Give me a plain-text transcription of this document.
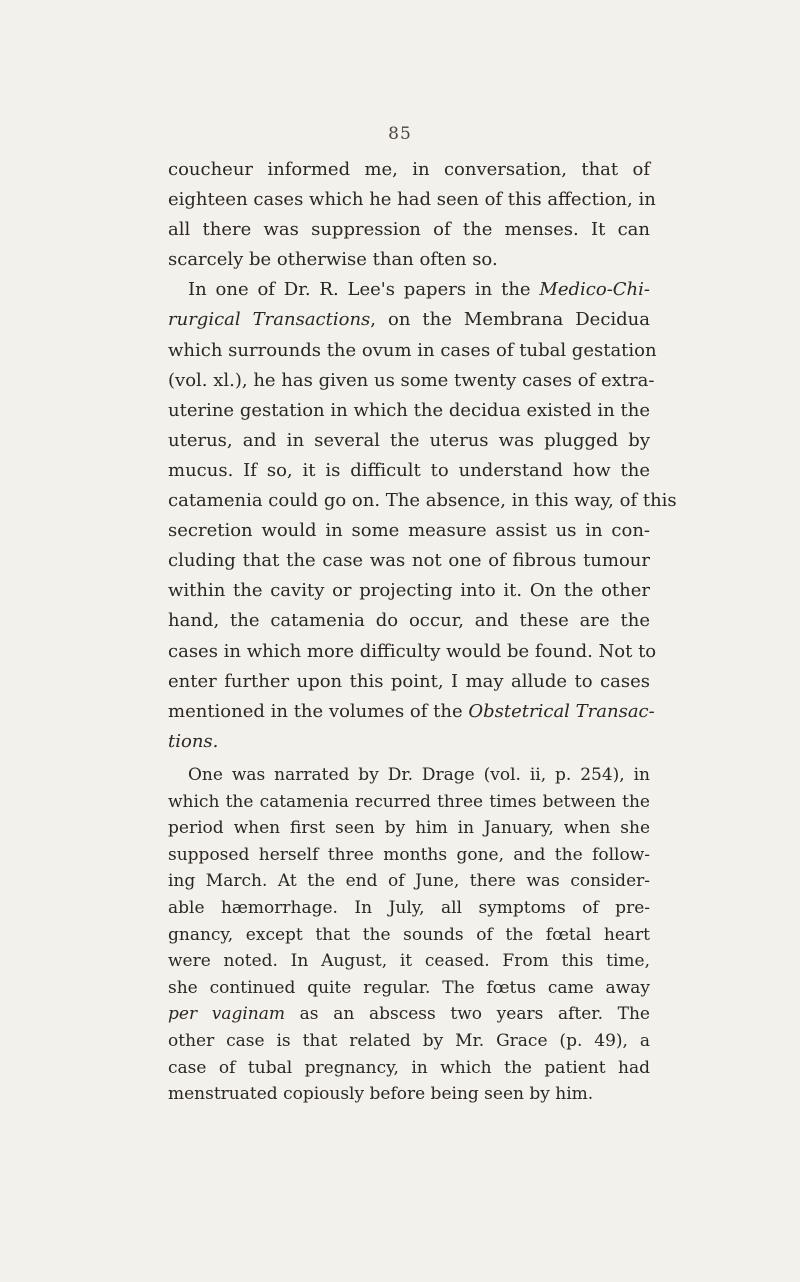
85
coucheur informed me, in conversation, that of
eighteen cases which he had seen of this affection, in
all there was suppression of the menses. It can
scarcely be otherwise than often so.
In one of Dr. R. Lee's papers in the Medico-Chi-
rurgical Transactions, on the Membrana Decidua
which surrounds the ovum in cases of tubal gestation
(vol. xl.), he has given us some twenty cases of extra-
uterine gestation in which the decidua existed in the
uterus, and in several the uterus was plugged by
mucus. If so, it is difficult to understand how the
catamenia could go on. The absence, in this way, of this
secretion would in some measure assist us in con-
cluding that the case was not one of fibrous tumour
within the cavity or projecting into it. On the other
hand, the catamenia do occur, and these are the
cases in which more difficulty would be found. Not to
enter further upon this point, I may allude to cases
mentioned in the volumes of the Obstetrical Transac-
tions.
One was narrated by Dr. Drage (vol. ii, p. 254), in
which the catamenia recurred three times between the
period when first seen by him in January, when she
supposed herself three months gone, and the follow-
ing March. At the end of June, there was consider-
able hæmorrhage. In July, all symptoms of pre-
gnancy, except that the sounds of the fœtal heart
were noted. In August, it ceased. From this time,
she continued quite regular. The fœtus came away
per vaginam as an abscess two years after. The
other case is that related by Mr. Grace (p. 49), a
case of tubal pregnancy, in which the patient had
menstruated copiously before being seen by him.
